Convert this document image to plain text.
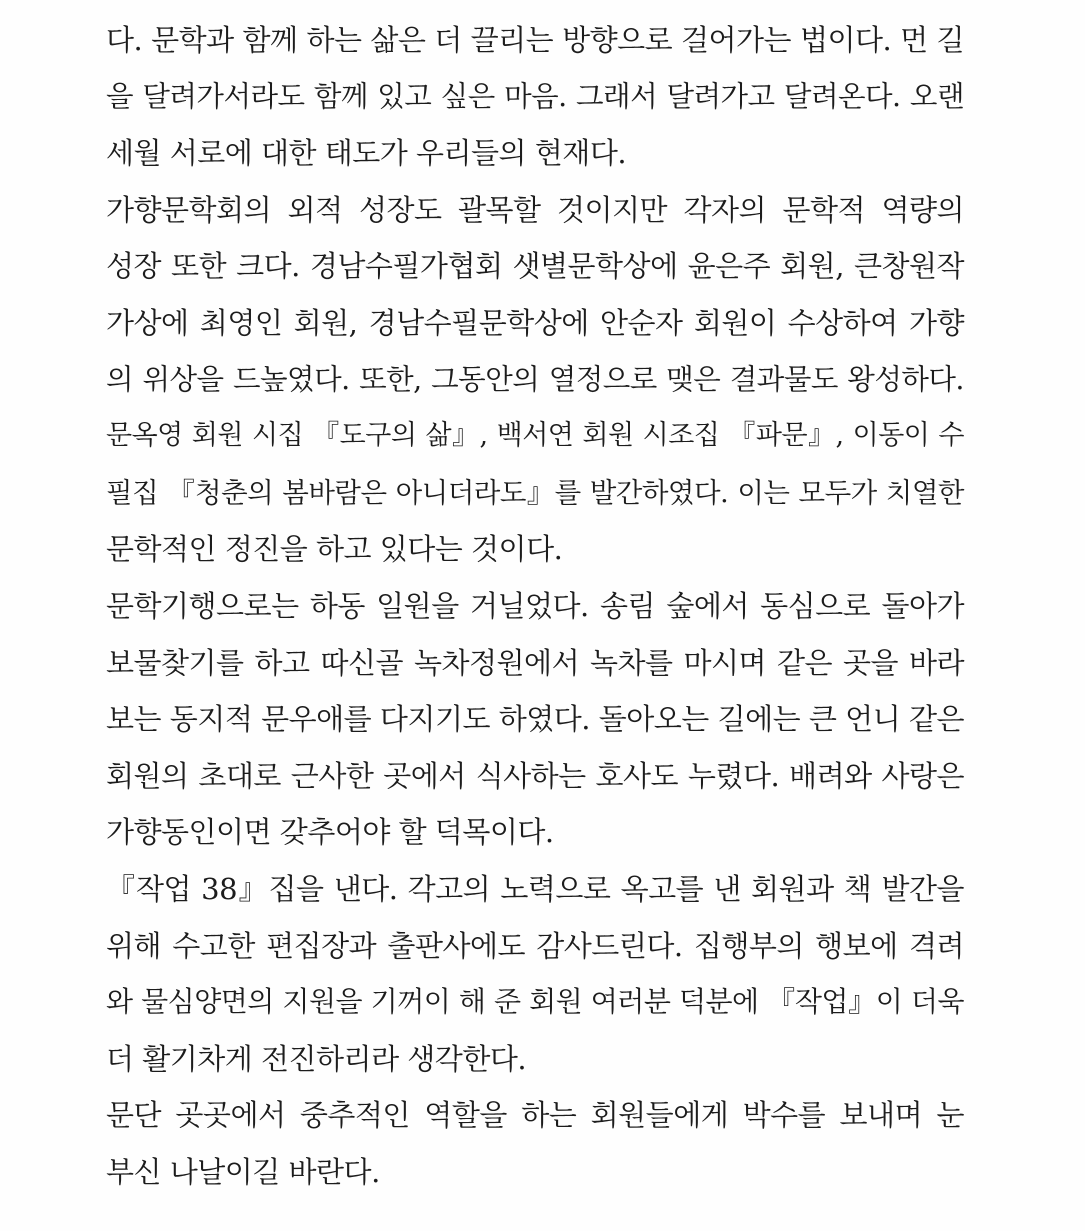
다. 문학과 함께 하는 삶은 더 끌리는 방향으로 걸어가는 법이다. 먼 길
을 달려가서라도 함께 있고 싶은 마음. 그래서 달려가고 달려온다. 오랜
세월 서로에 대한 태도가 우리들의 현재다.
가향문학회의 외적 성장도 괄목할 것이지만 각자의 문학적 역량의
성장 또한 크다. 경남수필가협회 샛별문학상에 윤은주 회원, 큰창원작
가상에 최영인 회원, 경남수필문학상에 안순자 회원이 수상하여 가향
의 위상을 드높였다. 또한, 그동안의 열정으로 맺은 결과물도 왕성하다.
문옥영 회원 시집 『도구의 삶』, 백서연 회원 시조집 『파문』, 이동이 수
필집 『청춘의 봄바람은 아니더라도』를 발간하였다. 이는 모두가 치열한
문학적인 정진을 하고 있다는 것이다.
문학기행으로는 하동 일원을 거닐었다. 송림 숲에서 동심으로 돌아가
보물찾기를 하고 따신골 녹차정원에서 녹차를 마시며 같은 곳을 바라
보는 동지적 문우애를 다지기도 하였다. 돌아오는 길에는 큰 언니 같은
회원의 초대로 근사한 곳에서 식사하는 호사도 누렸다. 배려와 사랑은
가향동인이면 갖추어야 할 덕목이다.
『작업 38』집을 낸다. 각고의 노력으로 옥고를 낸 회원과 책 발간을
위해 수고한 편집장과 출판사에도 감사드린다. 집행부의 행보에 격려
와 물심양면의 지원을 기꺼이 해 준 회원 여러분 덕분에 『작업』이 더욱
더 활기차게 전진하리라 생각한다.
문단 곳곳에서 중추적인 역할을 하는 회원들에게 박수를 보내며 눈
부신 나날이길 바란다.
